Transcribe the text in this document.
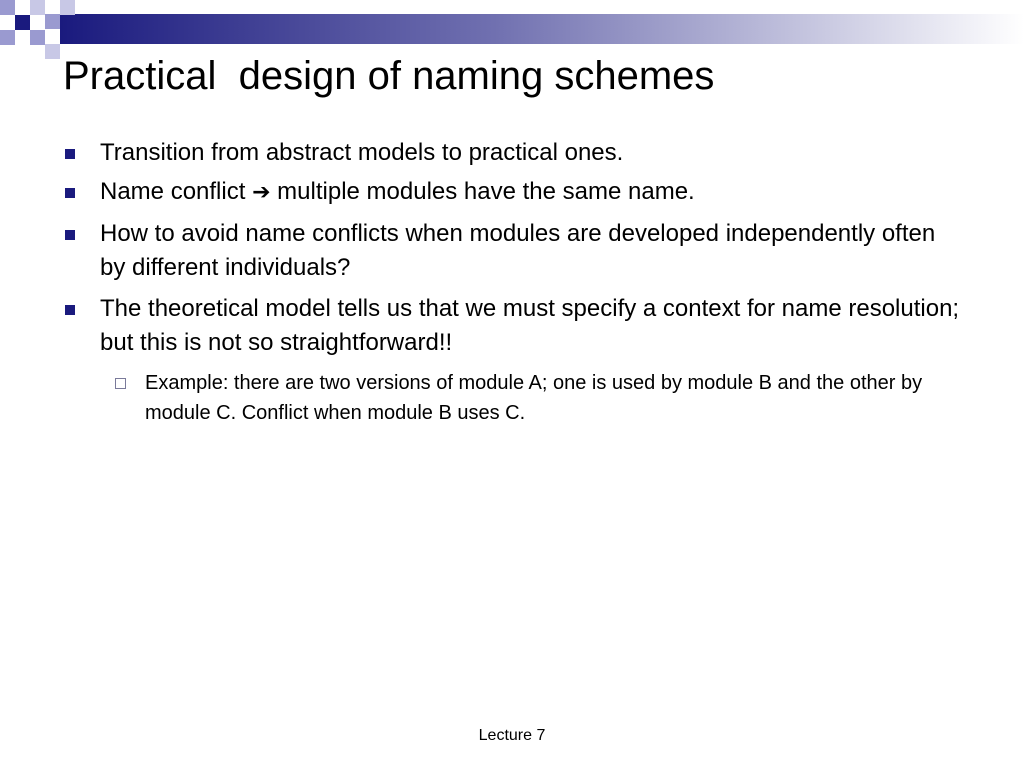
Practical  design of naming schemes
Transition from abstract models to practical ones.
Name conflict ➔ multiple modules have the same name.
How to avoid name conflicts when modules are developed independently often by different individuals?
The theoretical model tells us that we must specify a context for name resolution; but this is not so straightforward!!
Example: there are two versions of module A; one is used by module B and the other by module C. Conflict when module B uses C.
Lecture 7
